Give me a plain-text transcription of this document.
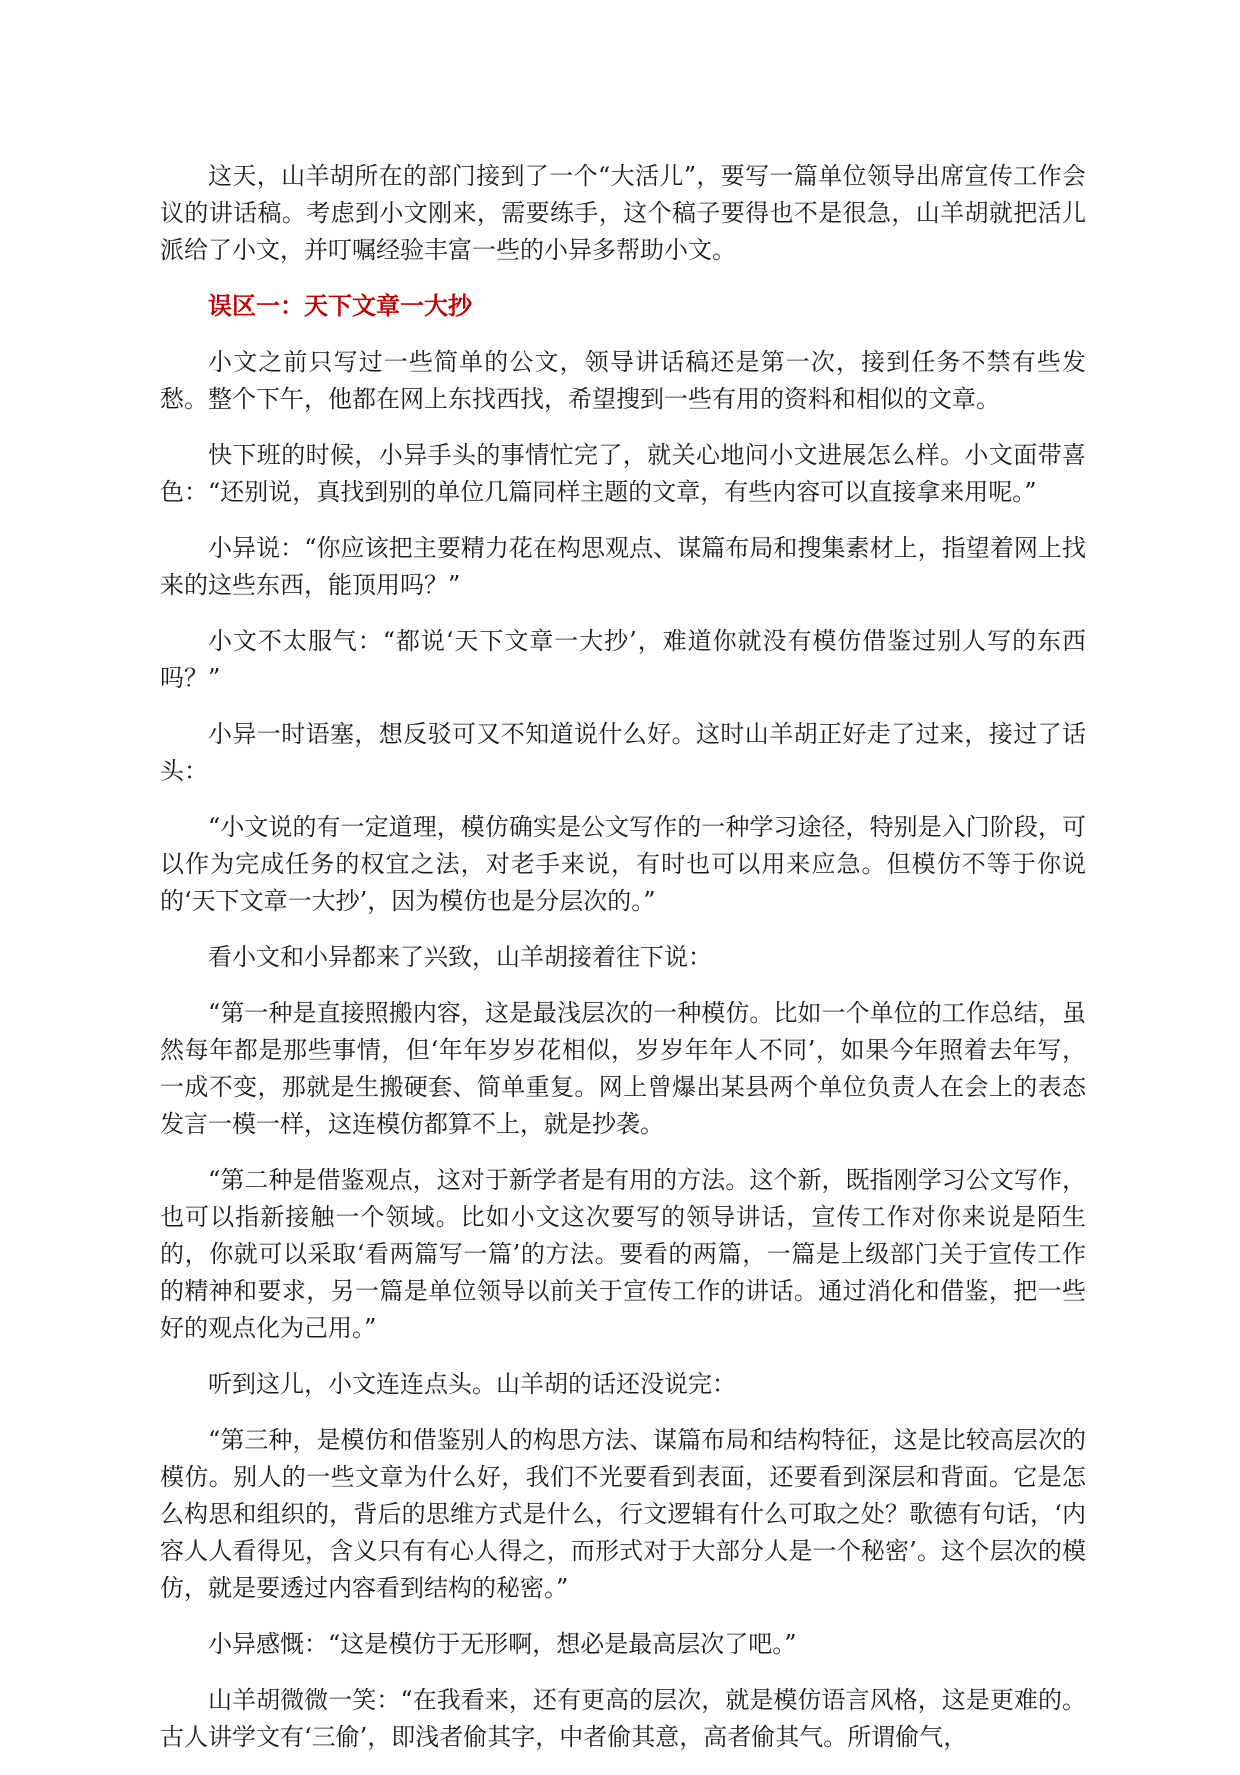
这天，山羊胡所在的部门接到了一个“大活儿”，要写一篇单位领导出席宣传工作会议的讲话稿。考虑到小文刚来，需要练手，这个稿子要得也不是很急，山羊胡就把活儿派给了小文，并叮嘱经验丰富一些的小异多帮助小文。

误区一：天下文章一大抄

小文之前只写过一些简单的公文，领导讲话稿还是第一次，接到任务不禁有些发愁。整个下午，他都在网上东找西找，希望搜到一些有用的资料和相似的文章。

快下班的时候，小异手头的事情忙完了，就关心地问小文进展怎么样。小文面带喜色：“还别说，真找到别的单位几篇同样主题的文章，有些内容可以直接拿来用呢。”

小异说：“你应该把主要精力花在构思观点、谋篇布局和搜集素材上，指望着网上找来的这些东西，能顶用吗？”

小文不太服气：“都说‘天下文章一大抄’，难道你就没有模仿借鉴过别人写的东西吗？”

小异一时语塞，想反驳可又不知道说什么好。这时山羊胡正好走了过来，接过了话头：

“小文说的有一定道理，模仿确实是公文写作的一种学习途径，特别是入门阶段，可以作为完成任务的权宜之法，对老手来说，有时也可以用来应急。但模仿不等于你说的‘天下文章一大抄’，因为模仿也是分层次的。”

看小文和小异都来了兴致，山羊胡接着往下说：

“第一种是直接照搬内容，这是最浅层次的一种模仿。比如一个单位的工作总结，虽然每年都是那些事情，但‘年年岁岁花相似，岁岁年年人不同’，如果今年照着去年写，一成不变，那就是生搬硬套、简单重复。网上曾爆出某县两个单位负责人在会上的表态发言一模一样，这连模仿都算不上，就是抄袭。

“第二种是借鉴观点，这对于新学者是有用的方法。这个新，既指刚学习公文写作，也可以指新接触一个领域。比如小文这次要写的领导讲话，宣传工作对你来说是陌生的，你就可以采取‘看两篇写一篇’的方法。要看的两篇，一篇是上级部门关于宣传工作的精神和要求，另一篇是单位领导以前关于宣传工作的讲话。通过消化和借鉴，把一些好的观点化为己用。”

听到这儿，小文连连点头。山羊胡的话还没说完：

“第三种，是模仿和借鉴别人的构思方法、谋篇布局和结构特征，这是比较高层次的模仿。别人的一些文章为什么好，我们不光要看到表面，还要看到深层和背面。它是怎么构思和组织的，背后的思维方式是什么，行文逻辑有什么可取之处？歌德有句话，‘内容人人看得见，含义只有有心人得之，而形式对于大部分人是一个秘密’。这个层次的模仿，就是要透过内容看到结构的秘密。”

小异感慨：“这是模仿于无形啊，想必是最高层次了吧。”

山羊胡微微一笑：“在我看来，还有更高的层次，就是模仿语言风格，这是更难的。古人讲学文有‘三偷’，即浅者偷其字，中者偷其意，高者偷其气。所谓偷气，
